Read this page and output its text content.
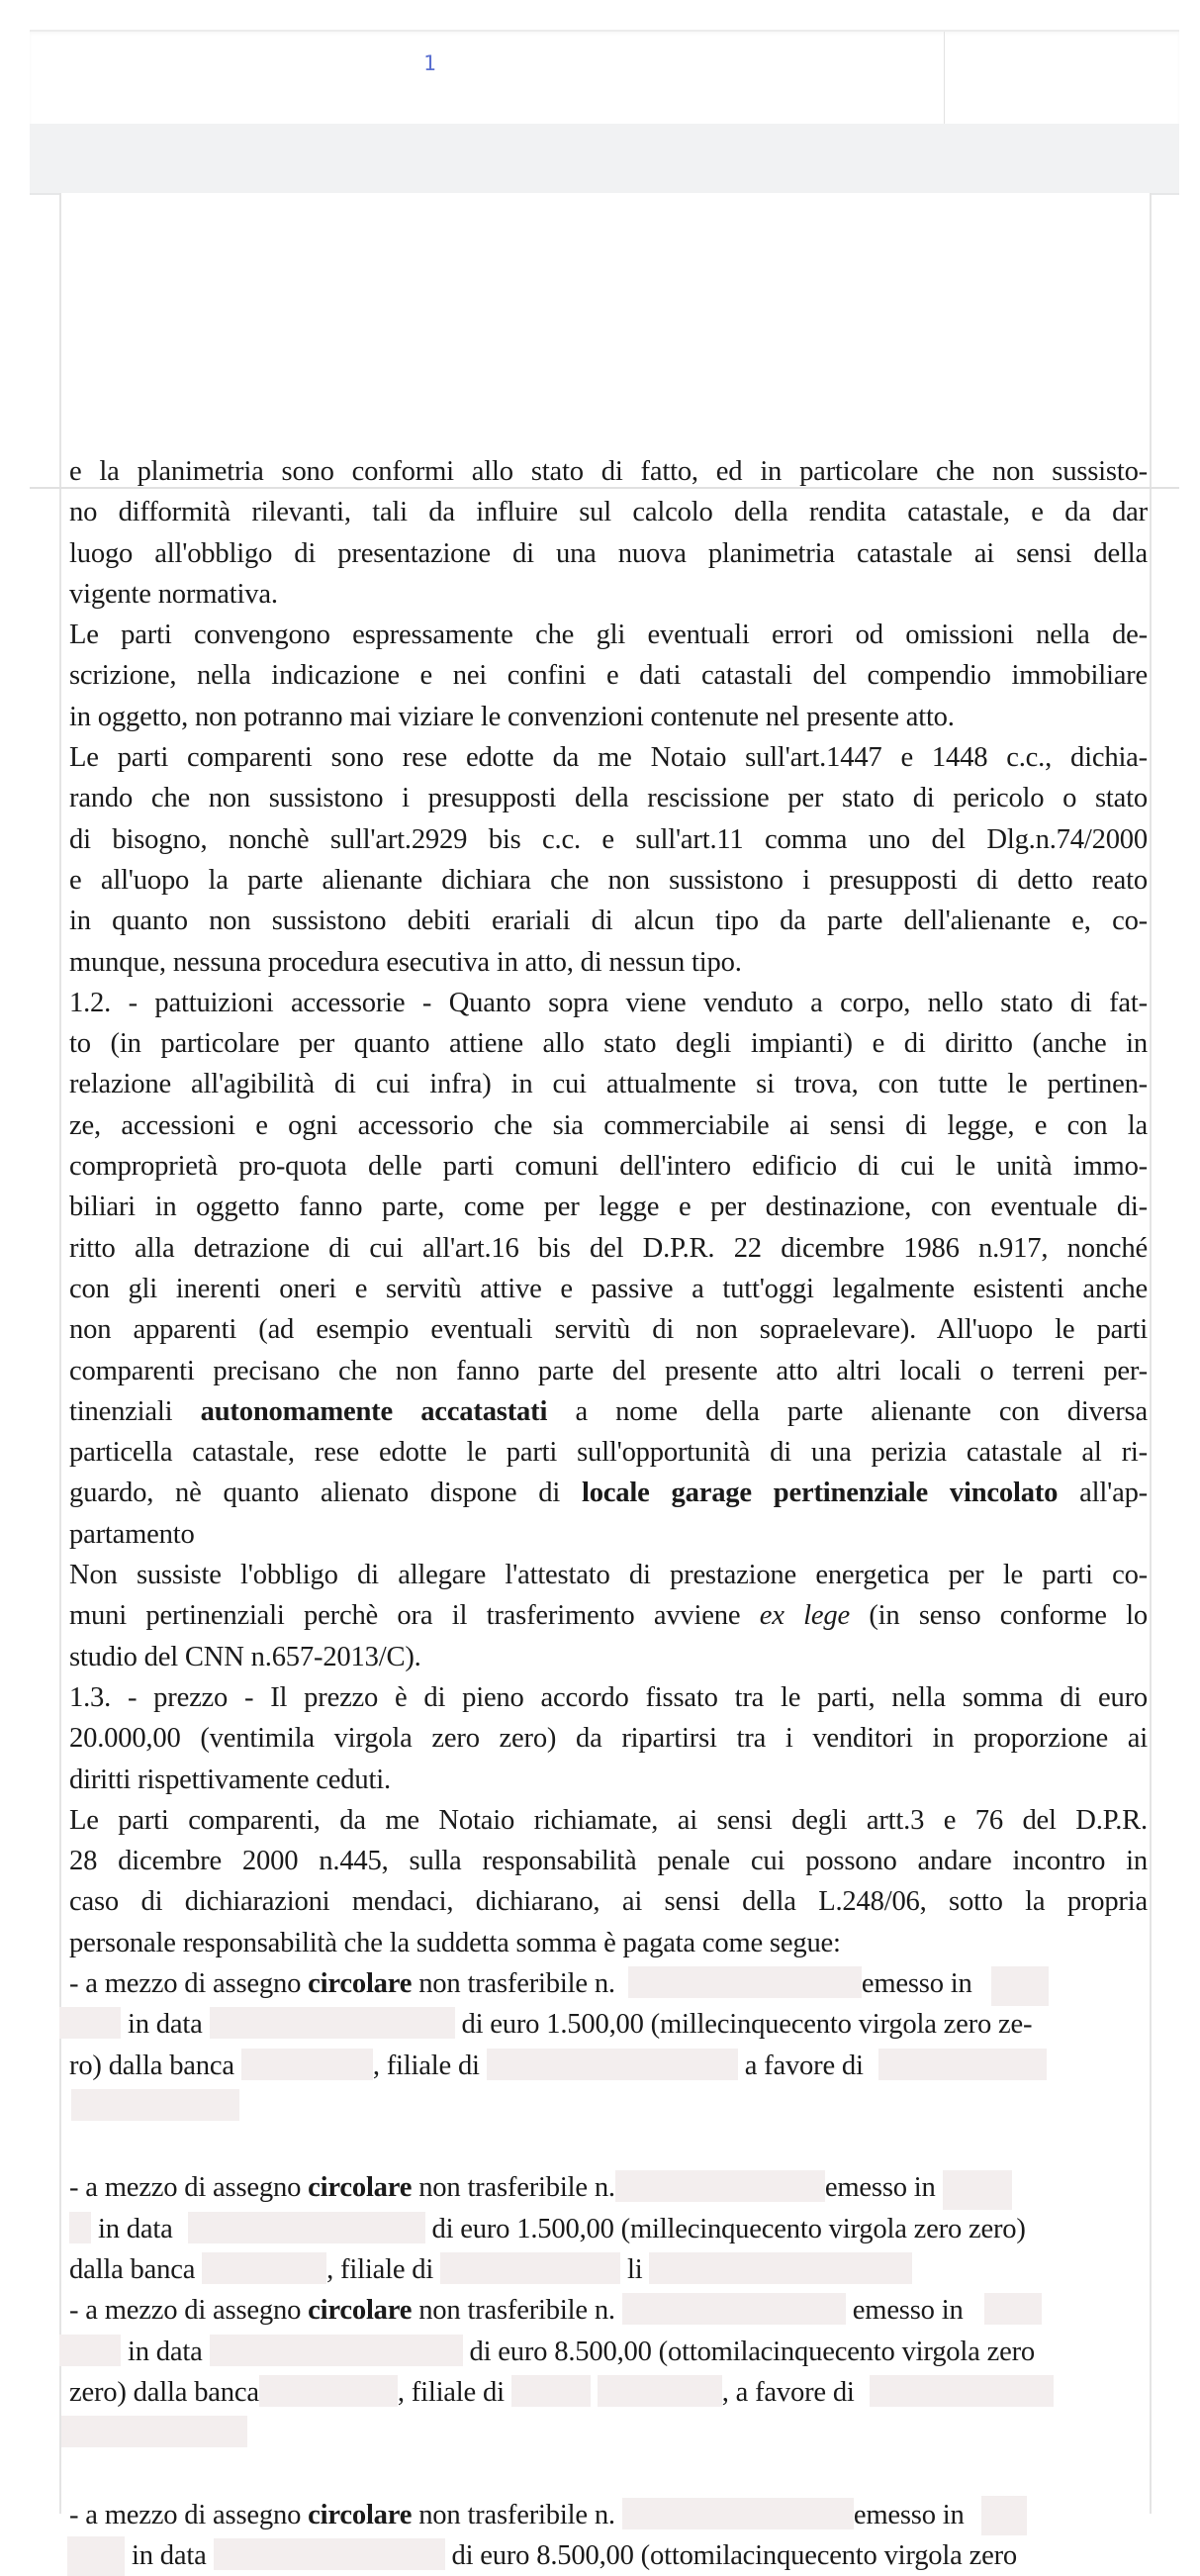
1
e la planimetria sono conformi allo stato di fatto, ed in particolare che non sussisto-
no difformità rilevanti, tali da influire sul calcolo della rendita catastale, e da dar
luogo all'obbligo di presentazione di una nuova planimetria catastale ai sensi della
vigente normativa.
Le parti convengono espressamente che gli eventuali errori od omissioni nella de-
scrizione, nella indicazione e nei confini e dati catastali del compendio immobiliare
in oggetto, non potranno mai viziare le convenzioni contenute nel presente atto.
Le parti comparenti sono rese edotte da me Notaio sull'art.1447 e 1448 c.c., dichia-
rando che non sussistono i presupposti della rescissione per stato di pericolo o stato
di bisogno, nonchè sull'art.2929 bis c.c. e sull'art.11 comma uno del Dlg.n.74/2000
e all'uopo la parte alienante dichiara che non sussistono i presupposti di detto reato
in quanto non sussistono debiti erariali di alcun tipo da parte dell'alienante e, co-
munque, nessuna procedura esecutiva in atto, di nessun tipo.
1.2. - pattuizioni accessorie - Quanto sopra viene venduto a corpo, nello stato di fat-
to (in particolare per quanto attiene allo stato degli impianti) e di diritto (anche in
relazione all'agibilità di cui infra) in cui attualmente si trova, con tutte le pertinen-
ze, accessioni e ogni accessorio che sia commerciabile ai sensi di legge, e con la
comproprietà pro-quota delle parti comuni dell'intero edificio di cui le unità immo-
biliari in oggetto fanno parte, come per legge e per destinazione, con eventuale di-
ritto alla detrazione di cui all'art.16 bis del D.P.R. 22 dicembre 1986 n.917, nonché
con gli inerenti oneri e servitù attive e passive a tutt'oggi legalmente esistenti anche
non apparenti (ad esempio eventuali servitù di non sopraelevare). All'uopo le parti
comparenti precisano che non fanno parte del presente atto altri locali o terreni per-
tinenziali autonomamente accatastati a nome della parte alienante con diversa
particella catastale, rese edotte le parti sull'opportunità di una perizia catastale al ri-
guardo, nè quanto alienato dispone di locale garage pertinenziale vincolato all'ap-
partamento
Non sussiste l'obbligo di allegare l'attestato di prestazione energetica per le parti co-
muni pertinenziali perchè ora il trasferimento avviene ex lege (in senso conforme lo
studio del CNN n.657-2013/C).
1.3. - prezzo - Il prezzo è di pieno accordo fissato tra le parti, nella somma di euro
20.000,00 (ventimila virgola zero zero) da ripartirsi tra i venditori in proporzione ai
diritti rispettivamente ceduti.
Le parti comparenti, da me Notaio richiamate, ai sensi degli artt.3 e 76 del D.P.R.
28 dicembre 2000 n.445, sulla responsabilità penale cui possono andare incontro in
caso di dichiarazioni mendaci, dichiarano, ai sensi della L.248/06, sotto la propria
personale responsabilità che la suddetta somma è pagata come segue:
- a mezzo di assegno circolare non trasferibile n.	emesso in
in data	di euro 1.500,00 (millecinquecento virgola zero ze-
ro) dalla banca	, filiale di	a favore di
- a mezzo di assegno circolare non trasferibile n.	emesso in
in data	di euro 1.500,00 (millecinquecento virgola zero zero)
dalla banca	, filiale di	li
- a mezzo di assegno circolare non trasferibile n.	emesso in
in data	di euro 8.500,00 (ottomilacinquecento virgola zero
zero) dalla banca	, filiale di	, a favore di
- a mezzo di assegno circolare non trasferibile n.	emesso in
in data	di euro 8.500,00 (ottomilacinquecento virgola zero
